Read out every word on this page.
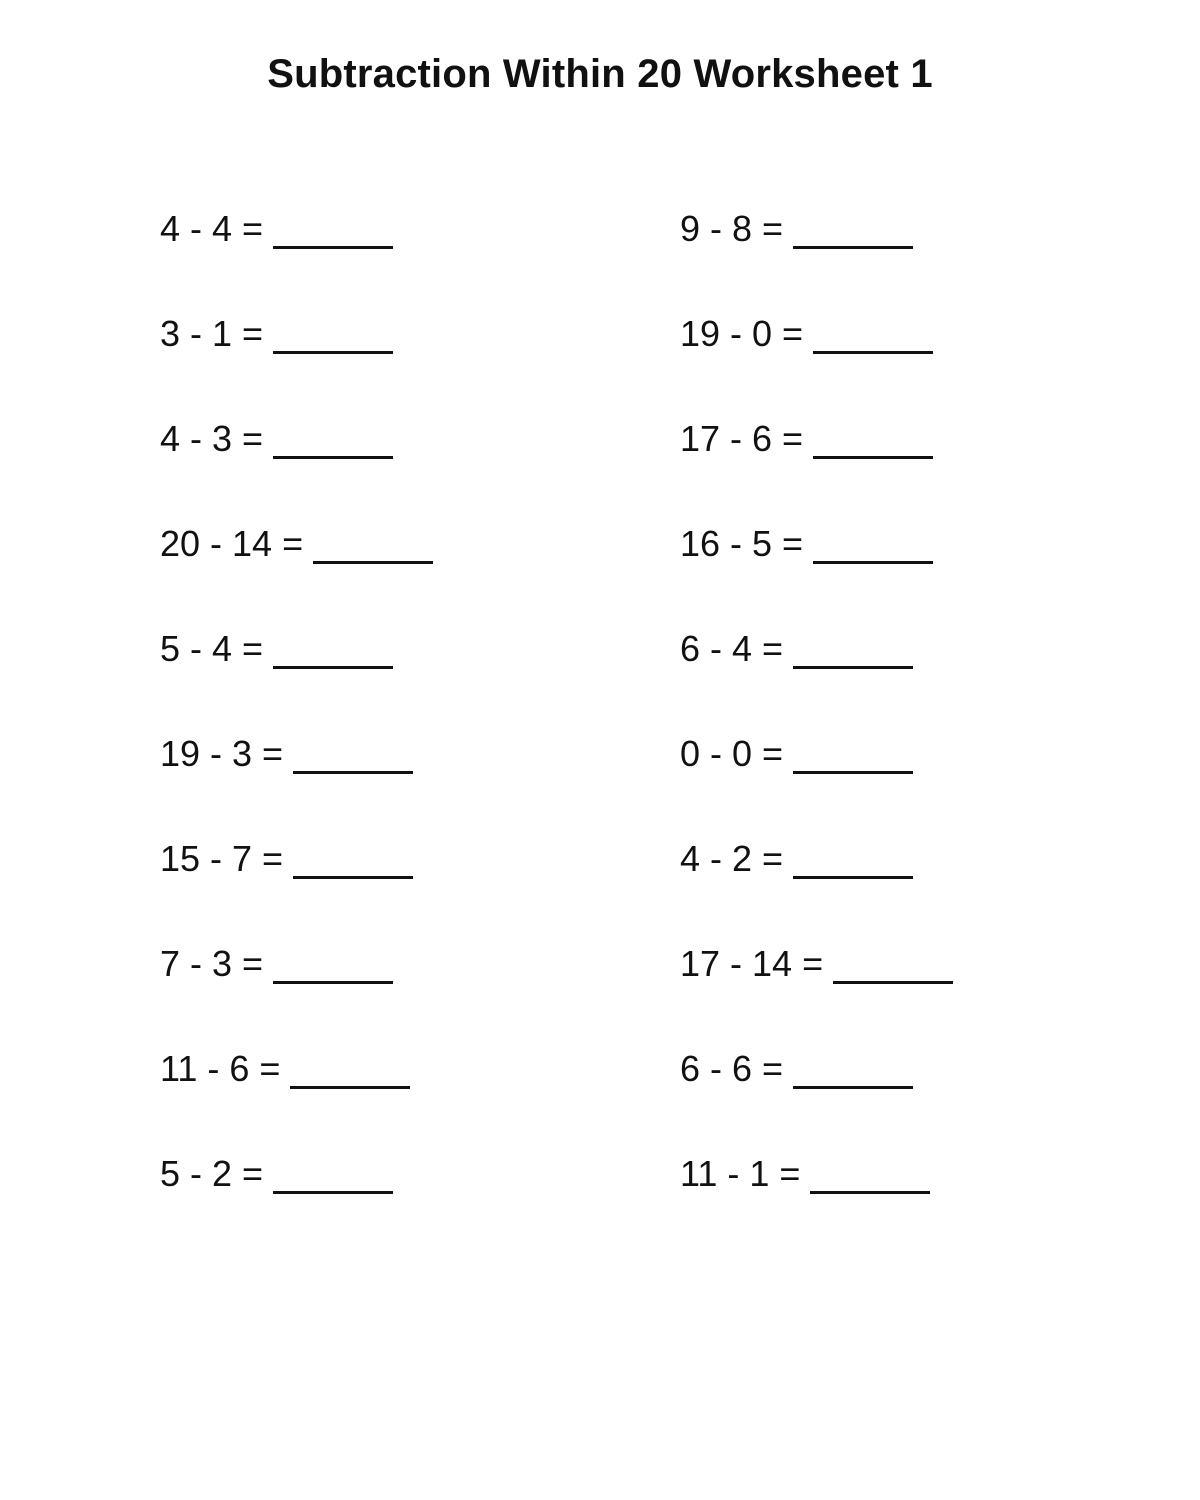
Subtraction Within 20 Worksheet 1
4 - 4 =	9 - 8 =
3 - 1 =	19 - 0 =
4 - 3 =	17 - 6 =
20 - 14 =	16 - 5 =
5 - 4 =	6 - 4 =
19 - 3 =	0 - 0 =
15 - 7 =	4 - 2 =
7 - 3 =	17 - 14 =
11 - 6 =	6 - 6 =
5 - 2 =	11 - 1 =
